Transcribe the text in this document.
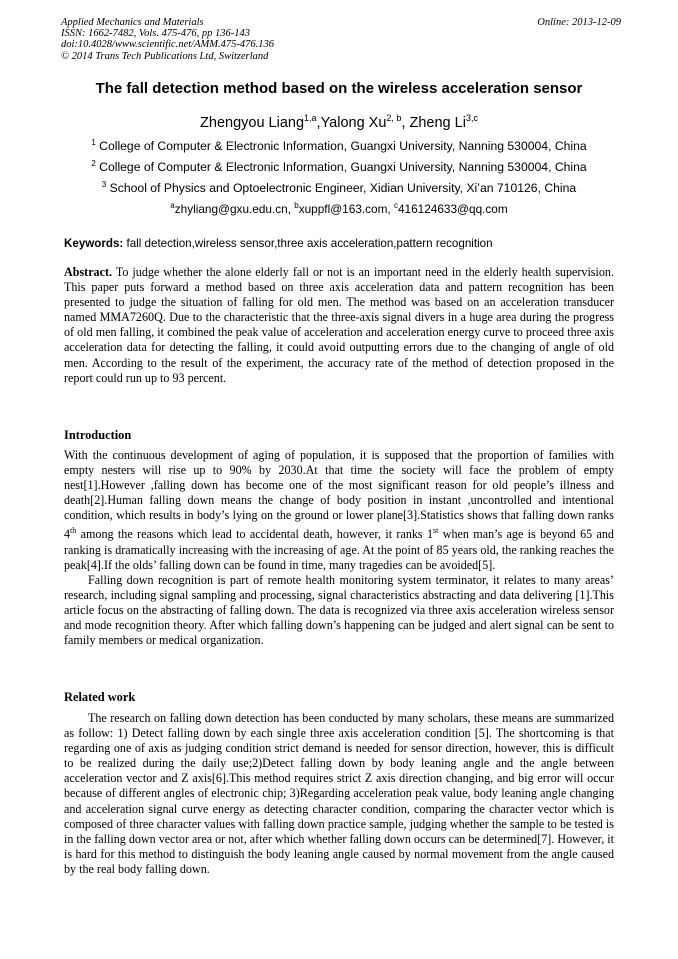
Applied Mechanics and Materials
ISSN: 1662-7482, Vols. 475-476, pp 136-143
doi:10.4028/www.scientific.net/AMM.475-476.136
© 2014 Trans Tech Publications Ltd, Switzerland
Online: 2013-12-09
The fall detection method based on the wireless acceleration sensor
Zhengyou Liang$^{1,a}$,Yalong Xu$^{2, b}$, Zheng Li$^{3,c}$
$^1$ College of Computer & Electronic Information, Guangxi University, Nanning 530004, China
$^2$ College of Computer & Electronic Information, Guangxi University, Nanning 530004, China
$^3$ School of Physics and Optoelectronic Engineer, Xidian University, Xi’an 710126, China
$^a$zhyliang@gxu.edu.cn, $^b$xuppfl@163.com, $^c$416124633@qq.com
Keywords: fall detection,wireless sensor,three axis acceleration,pattern recognition

Abstract. To judge whether the alone elderly fall or not is an important need in the elderly health supervision. This paper puts forward a method based on three axis acceleration data and pattern recognition has been presented to judge the situation of falling for old men. The method was based on an acceleration transducer named MMA7260Q. Due to the characteristic that the three-axis signal divers in a huge area during the progress of old men falling, it combined the peak value of acceleration and acceleration energy curve to proceed three axis acceleration data for detecting the falling, it could avoid outputting errors due to the changing of angle of old men. According to the result of the experiment, the accuracy rate of the method of detection proposed in the report could run up to 93 percent.

Introduction

With the continuous development of aging of population, it is supposed that the proportion of families with empty nesters will rise up to 90% by 2030.At that time the society will face the problem of empty nest[1].However ,falling down has become one of the most significant reason for old people’s illness and death[2].Human falling down means the change of body position in instant ,uncontrolled and intentional condition, which results in body’s lying on the ground or lower plane[3].Statistics shows that falling down ranks 4th among the reasons which lead to accidental death, however, it ranks 1st when man’s age is beyond 65 and ranking is dramatically increasing with the increasing of age. At the point of 85 years old, the ranking reaches the peak[4].If the olds’ falling down can be found in time, many tragedies can be avoided[5].

Falling down recognition is part of remote health monitoring system terminator, it relates to many areas’ research, including signal sampling and processing, signal characteristics abstracting and data delivering [1].This article focus on the abstracting of falling down. The data is recognized via three axis acceleration wireless sensor and mode recognition theory. After which falling down’s happening can be judged and alert signal can be sent to family members or medical organization.

Related work

The research on falling down detection has been conducted by many scholars, these means are summarized as follow: 1) Detect falling down by each single three axis acceleration condition [5]. The shortcoming is that regarding one of axis as judging condition strict demand is needed for sensor direction, however, this is difficult to be realized during the daily use;2)Detect falling down by body leaning angle and the angle between acceleration vector and Z axis[6].This method requires strict Z axis direction changing, and big error will occur because of different angles of electronic chip; 3)Regarding acceleration peak value, body leaning angle changing and acceleration signal curve energy as detecting character condition, comparing the character vector which is composed of three character values with falling down practice sample, judging whether the sample to be tested is in the falling down vector area or not, after which whether falling down occurs can be determined[7]. However, it is hard for this method to distinguish the body leaning angle caused by normal movement from the angle caused by the real body falling down.
